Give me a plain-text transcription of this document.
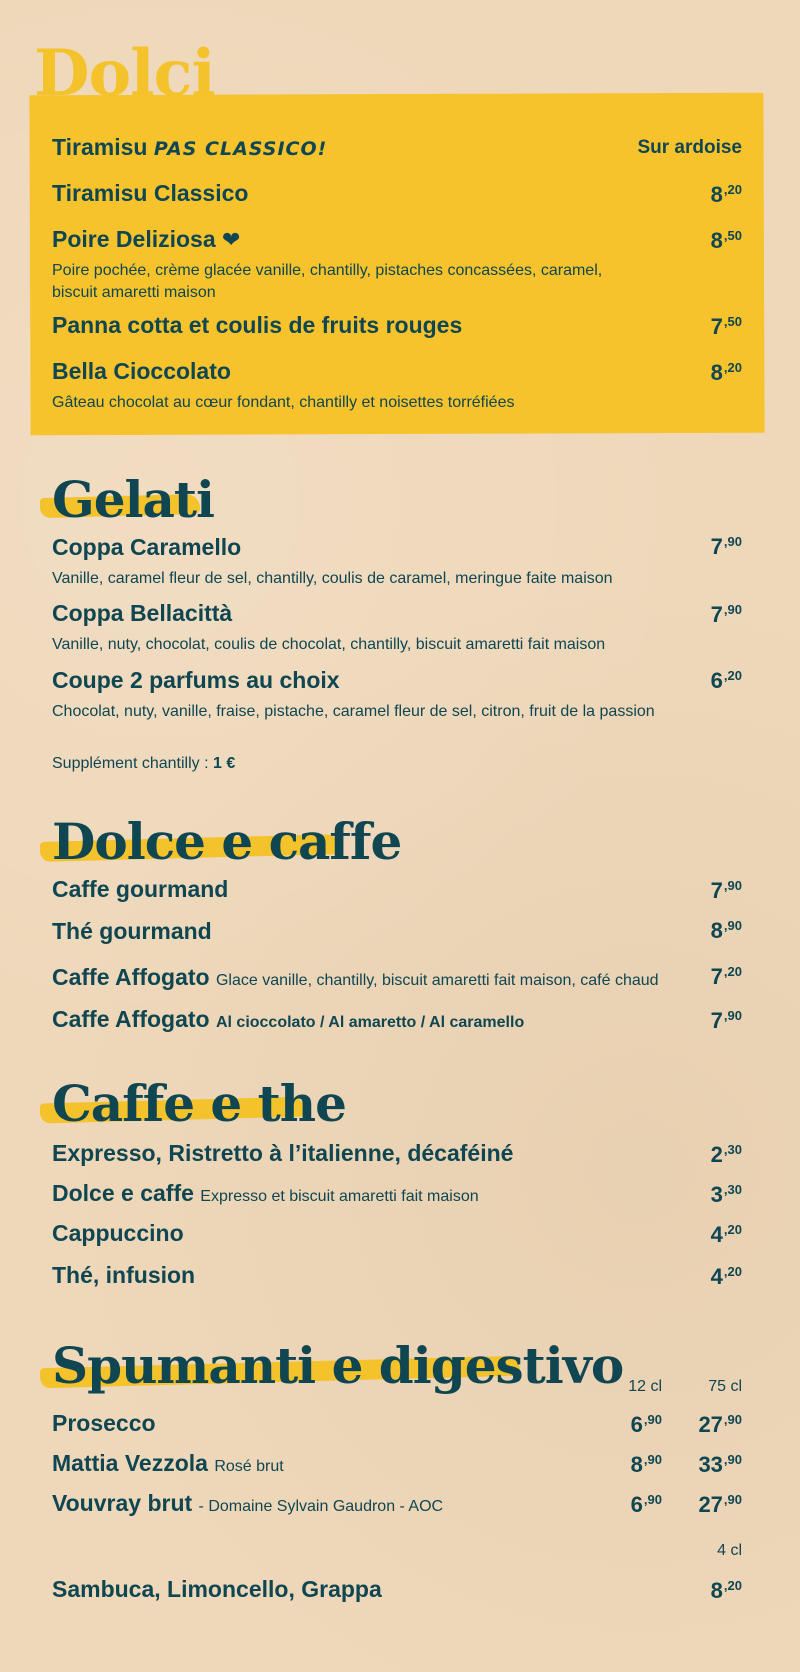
Dolci
Tiramisu PAS CLASSICO!	Sur ardoise
Tiramisu Classico	$8^{,20}$
Poire Deliziosa ❤	$8^{,50}$
Poire pochée, crème glacée vanille, chantilly, pistaches concassées, caramel,
biscuit amaretti maison
Panna cotta et coulis de fruits rouges	$7^{,50}$
Bella Cioccolato	$8^{,20}$
Gâteau chocolat au cœur fondant, chantilly et noisettes torréfiées
Gelati
Coppa Caramello	$7^{,90}$
Vanille, caramel fleur de sel, chantilly, coulis de caramel, meringue faite maison
Coppa Bellacittà	$7^{,90}$
Vanille, nuty, chocolat, coulis de chocolat, chantilly, biscuit amaretti fait maison
Coupe 2 parfums au choix	$6^{,20}$
Chocolat, nuty, vanille, fraise, pistache, caramel fleur de sel, citron, fruit de la passion
Supplément chantilly : 1 €
Dolce e caffe
Caffe gourmand	$7^{,90}$
Thé gourmand	$8^{,90}$
Caffe Affogato Glace vanille, chantilly, biscuit amaretti fait maison, café chaud $7^{,20}$
Caffe Affogato Al cioccolato / Al amaretto / Al caramello	$7^{,90}$
Caffe e the
Expresso, Ristretto à l’italienne, décaféiné	$2^{,30}$
Dolce e caffe Expresso et biscuit amaretti fait maison	$3^{,30}$
Cappuccino	$4^{,20}$
Thé, infusion	$4^{,20}$
Spumanti e digestivo 12 cl	75 cl
Prosecco	$6^{,90}$ $27^{,90}$
Mattia Vezzola Rosé brut	$8^{,90}$ $33^{,90}$
Vouvray brut - Domaine Sylvain Gaudron - AOC	$6^{,90}$ $27^{,90}$
4 cl
Sambuca, Limoncello, Grappa	$8^{,20}$
